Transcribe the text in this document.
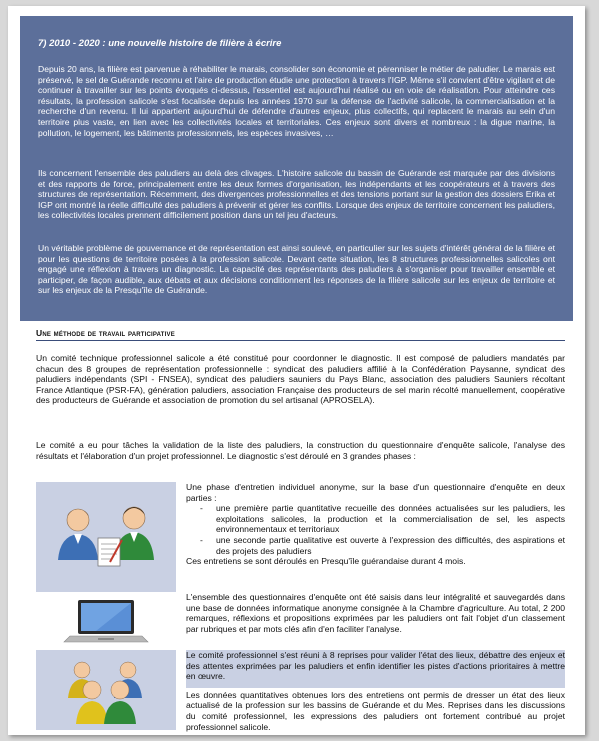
7) 2010 - 2020 : une nouvelle histoire de filière à écrire

Depuis 20 ans, la filière est parvenue à réhabiliter le marais, consolider son économie et pérenniser le métier de paludier. Le marais est préservé, le sel de Guérande reconnu et l'aire de production étudie une protection à travers l'IGP. Même s'il convient d'être vigilant et de continuer à travailler sur les points évoqués ci-dessus, l'essentiel est aujourd'hui réalisé ou en voie de réalisation. Pour atteindre ces résultats, la profession salicole s'est focalisée depuis les années 1970 sur la défense de l'activité salicole, la commercialisation et la recherche d'un revenu. Il lui appartient aujourd'hui de défendre d'autres enjeux, plus collectifs, qui replacent le marais au sein d'un territoire plus vaste, en lien avec les collectivités locales et territoriales. Ces enjeux sont divers et nombreux : la digue marine, la pollution, le logement, les bâtiments professionnels, les espèces invasives, …

Ils concernent l'ensemble des paludiers au delà des clivages. L'histoire salicole du bassin de Guérande est marquée par des divisions et des rapports de force, principalement entre les deux formes d'organisation, les indépendants et les coopérateurs et à travers des structures de représentation. Récemment, des divergences professionnelles et des tensions portant sur la gestion des dossiers Erika et IGP ont montré la réelle difficulté des paludiers à prévenir et gérer les conflits. Lorsque des enjeux de territoire concernent les paludiers, les collectivités locales prennent difficilement position dans un tel jeu d'acteurs.

Un véritable problème de gouvernance et de représentation est ainsi soulevé, en particulier sur les sujets d'intérêt général de la filière et pour les questions de territoire posées à la profession salicole. Devant cette situation, les 8 structures professionnelles salicoles ont engagé une réflexion à travers un diagnostic. La capacité des représentants des paludiers à s'organiser pour travailler ensemble et participer, de façon audible, aux débats et aux décisions conditionnent les réponses de la filière salicole sur les enjeux de territoire et sur les enjeux de la Presqu'île de Guérande.

Une méthode de travail participative

Un comité technique professionnel salicole a été constitué pour coordonner le diagnostic. Il est composé de paludiers mandatés par chacun des 8 groupes de représentation professionnelle : syndicat des paludiers affilié à la Confédération Paysanne, syndicat des paludiers indépendants (SPI - FNSEA), syndicat des paludiers sauniers du Pays Blanc, association des paludiers Sauniers récoltant France Atlantique (PSR-FA), génération paludiers, association Française des producteurs de sel marin récolté manuellement, coopérative des producteurs de Guérande et association de promotion du sel artisanal (APROSELA).

Le comité a eu pour tâches la validation de la liste des paludiers, la construction du questionnaire d'enquête salicole, l'analyse des résultats et l'élaboration d'un projet professionnel. Le diagnostic s'est déroulé en 3 grandes phases :

Une phase d'entretien individuel anonyme, sur la base d'un questionnaire d'enquête en deux parties :
- une première partie quantitative recueille des données actualisées sur les paludiers, les exploitations salicoles, la production et la commercialisation de sel, les aspects environnementaux et territoriaux
- une seconde partie qualitative est ouverte à l'expression des difficultés, des aspirations et des projets des paludiers
Ces entretiens se sont déroulés en Presqu'île guérandaise durant 4 mois.
L'ensemble des questionnaires d'enquête ont été saisis dans leur intégralité et sauvegardés dans une base de données informatique anonyme consignée à la Chambre d'agriculture. Au total, 2 200 remarques, réflexions et propositions exprimées par les paludiers ont fait l'objet d'un classement par rubriques et par mots clés afin d'en faciliter l'analyse.

Le comité professionnel s'est réuni à 8 reprises pour valider l'état des lieux, débattre des enjeux et des attentes exprimées par les paludiers et enfin identifier les pistes d'actions prioritaires à mettre en œuvre.

Les données quantitatives obtenues lors des entretiens ont permis de dresser un état des lieux actualisé de la profession sur les bassins de Guérande et du Mes. Reprises dans les discussions du comité professionnel, les expressions des paludiers ont fortement contribué au projet professionnel salicole.
